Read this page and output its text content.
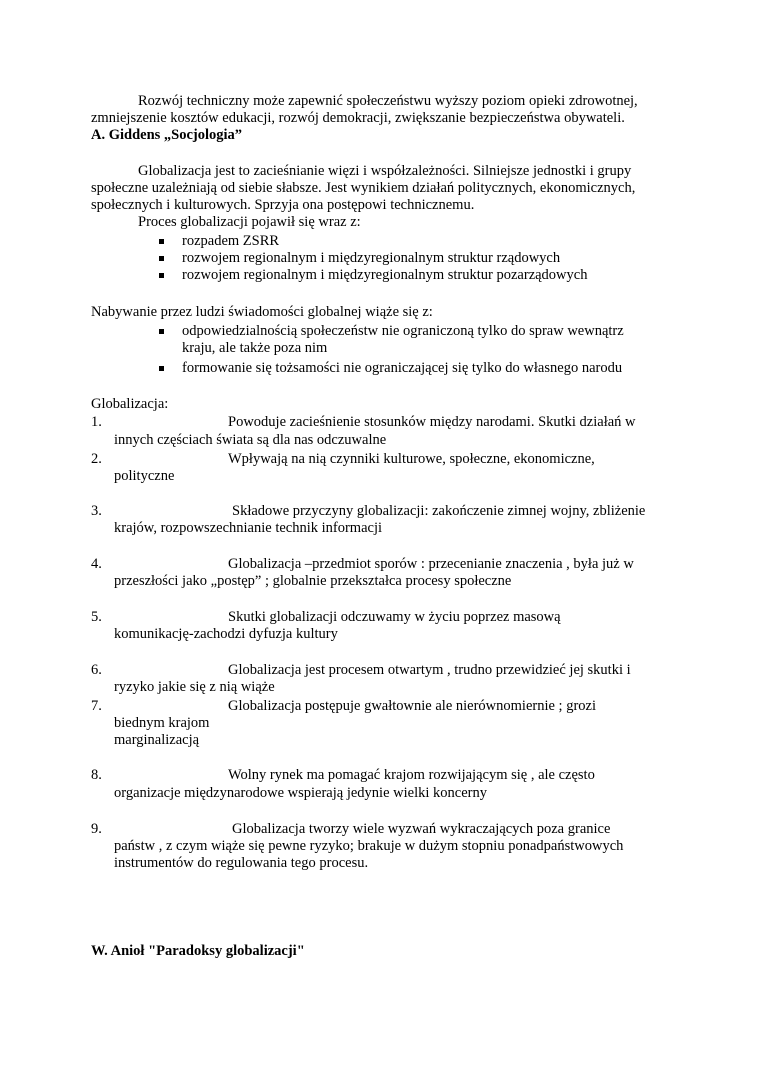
Rozwój techniczny może zapewnić społeczeństwu wyższy poziom opieki zdrowotnej,
zmniejszenie kosztów edukacji, rozwój demokracji, zwiększanie bezpieczeństwa obywateli.
A. Giddens „Socjologia”
Globalizacja jest to zacieśnianie więzi i współzależności. Silniejsze jednostki i grupy
społeczne uzależniają od siebie słabsze. Jest wynikiem działań politycznych, ekonomicznych,
społecznych i kulturowych. Sprzyja ona postępowi technicznemu.
Proces globalizacji pojawił się wraz z:
rozpadem ZSRR
rozwojem regionalnym i międzyregionalnym struktur rządowych
rozwojem regionalnym i międzyregionalnym struktur pozarządowych
Nabywanie przez ludzi świadomości globalnej wiąże się z:
odpowiedzialnością społeczeństw nie ograniczoną tylko do spraw wewnątrz
kraju, ale także poza nim
formowanie się tożsamości nie ograniczającej się tylko do własnego narodu
Globalizacja:
1.	Powoduje zacieśnienie stosunków między narodami. Skutki działań w
innych częściach świata są dla nas odczuwalne
2.	Wpływają na nią czynniki kulturowe, społeczne, ekonomiczne,
polityczne
3.	Składowe przyczyny globalizacji: zakończenie zimnej wojny, zbliżenie
krajów, rozpowszechnianie technik informacji
4.	Globalizacja –przedmiot sporów : przecenianie znaczenia , była już w
przeszłości jako „postęp” ; globalnie przekształca procesy społeczne
5.	Skutki globalizacji odczuwamy w życiu poprzez masową
komunikację-zachodzi dyfuzja kultury
6.	Globalizacja jest procesem otwartym , trudno przewidzieć jej skutki i
ryzyko jakie się z nią wiąże
7.	Globalizacja postępuje gwałtownie ale nierównomiernie ; grozi
biednym krajom
marginalizacją
8.	Wolny rynek ma pomagać krajom rozwijającym się , ale często
organizacje międzynarodowe wspierają jedynie wielki koncerny
9.	Globalizacja tworzy wiele wyzwań wykraczających poza granice
państw , z czym wiąże się pewne ryzyko; brakuje w dużym stopniu ponadpaństwowych
instrumentów do regulowania tego procesu.
W. Anioł "Paradoksy globalizacji"
